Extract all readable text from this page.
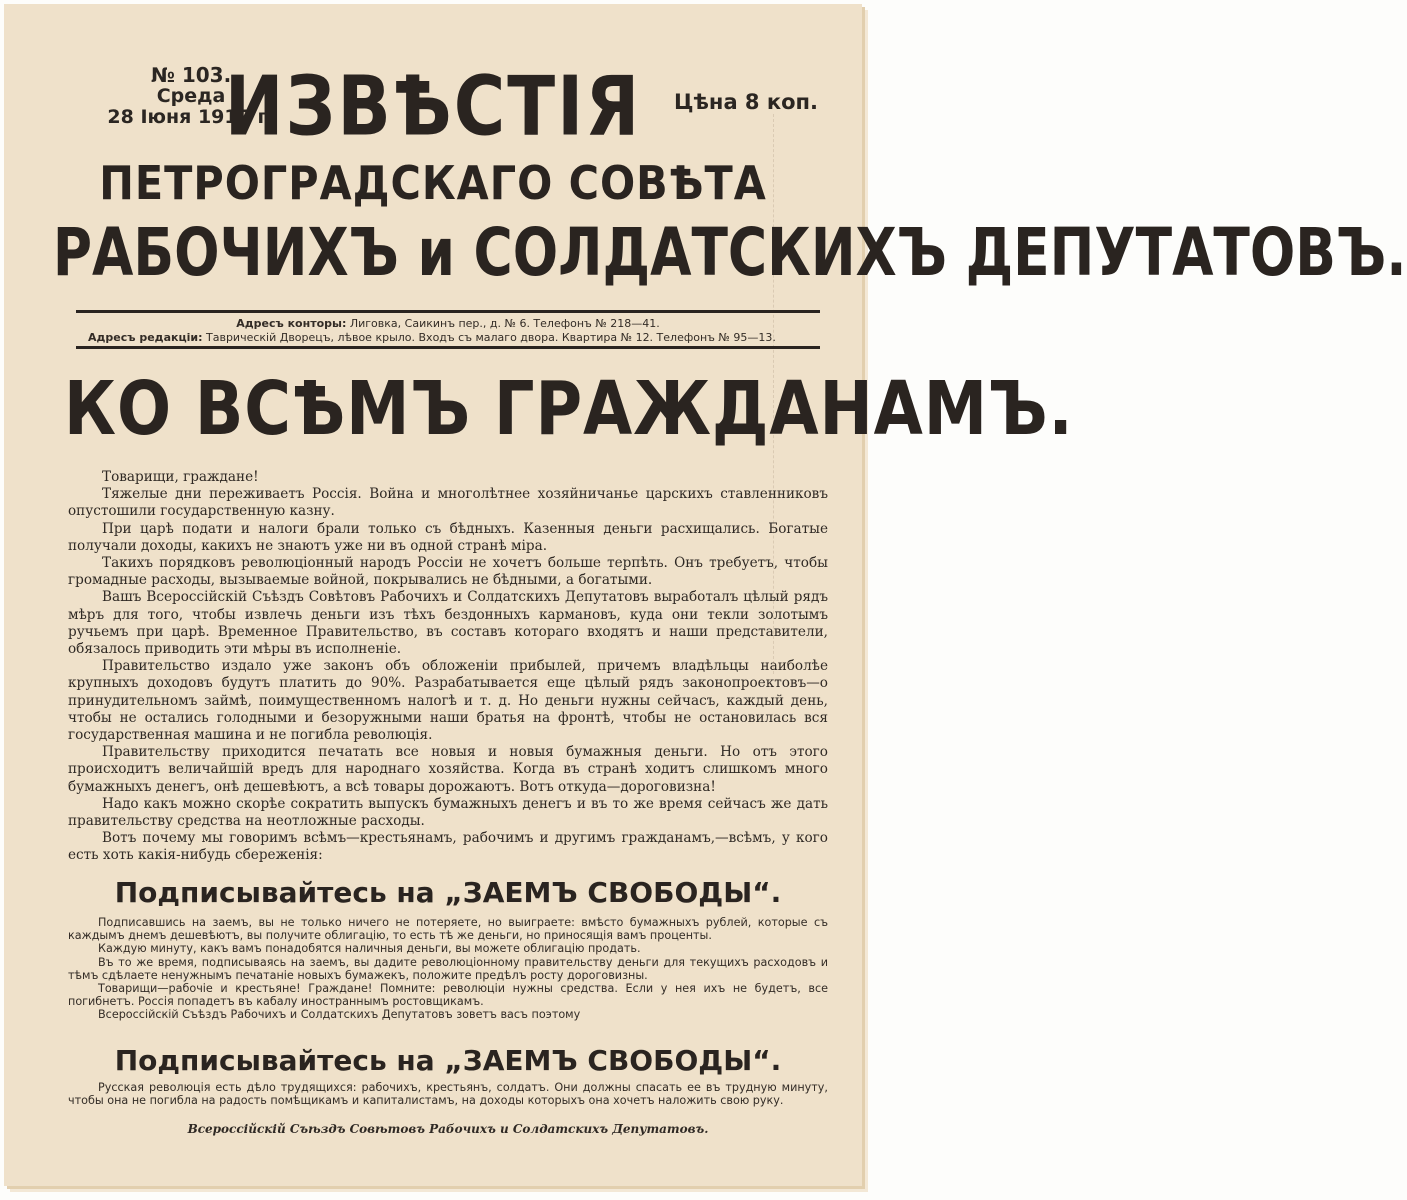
№ 103.
Среда
28 Іюня 1917 г.
Цѣна 8 коп.
ИЗВѢСТІЯ
ПЕТРОГРАДСКАГО СОВѢТА
РАБОЧИХЪ и СОЛДАТСКИХЪ ДЕПУТАТОВЪ.
Адресъ конторы: Лиговка, Саикинъ пер., д. № 6. Телефонъ № 218—41.
Адресъ редакціи: Таврическій Дворецъ, лѣвое крыло. Входъ съ малаго двора. Квартира № 12. Телефонъ № 95—13.
КО ВСѢМЪ ГРАЖДАНАМЪ.

Товарищи, граждане!

Тяжелые дни переживаетъ Россія. Война и многолѣтнее хозяйничанье царскихъ ставленниковъ опустошили государственную казну.

При царѣ подати и налоги брали только съ бѣдныхъ. Казенныя деньги расхищались. Богатые получали доходы, какихъ не знаютъ уже ни въ одной странѣ міра.

Такихъ порядковъ революціонный народъ Россіи не хочетъ больше терпѣть. Онъ требуетъ, чтобы громадные расходы, вызываемые войной, покрывались не бѣдными, а богатыми.

Вашъ Всероссійскій Съѣздъ Совѣтовъ Рабочихъ и Солдатскихъ Депутатовъ выработалъ цѣлый рядъ мѣръ для того, чтобы извлечь деньги изъ тѣхъ бездонныхъ кармановъ, куда они текли золотымъ ручьемъ при царѣ. Временное Правительство, въ составъ котораго входятъ и наши представители, обязалось приводить эти мѣры въ исполненіе.

Правительство издало уже законъ объ обложеніи прибылей, причемъ владѣльцы наиболѣе крупныхъ доходовъ будутъ платить до 90%. Разрабатывается еще цѣлый рядъ законопроектовъ—о принудительномъ займѣ, поимущественномъ налогѣ и т. д. Но деньги нужны сейчасъ, каждый день, чтобы не остались голодными и безоружными наши братья на фронтѣ, чтобы не остановилась вся государственная машина и не погибла революція.

Правительству приходится печатать все новыя и новыя бумажныя деньги. Но отъ этого происходитъ величайшій вредъ для народнаго хозяйства. Когда въ странѣ ходитъ слишкомъ много бумажныхъ денегъ, онѣ дешевѣютъ, а всѣ товары дорожаютъ. Вотъ откуда—дороговизна!

Надо какъ можно скорѣе сократить выпускъ бумажныхъ денегъ и въ то же время сейчасъ же дать правительству средства на неотложные расходы.

Вотъ почему мы говоримъ всѣмъ—крестьянамъ, рабочимъ и другимъ гражданамъ,—всѣмъ, у кого есть хоть какія-нибудь сбереженія:

Подписывайтесь на „ЗАЕМЪ СВОБОДЫ“.

Подписавшись на заемъ, вы не только ничего не потеряете, но выиграете: вмѣсто бумажныхъ рублей, которые съ каждымъ днемъ дешевѣютъ, вы получите облигацію, то есть тѣ же деньги, но приносящія вамъ проценты.

Каждую минуту, какъ вамъ понадобятся наличныя деньги, вы можете облигацію продать.

Въ то же время, подписываясь на заемъ, вы дадите революціонному правительству деньги для текущихъ расходовъ и тѣмъ сдѣлаете ненужнымъ печатаніе новыхъ бумажекъ, положите предѣлъ росту дороговизны.

Товарищи—рабочіе и крестьяне! Граждане! Помните: революціи нужны средства. Если у нея ихъ не будетъ, все погибнетъ. Россія попадетъ въ кабалу иностраннымъ ростовщикамъ.

Всероссійскій Съѣздъ Рабочихъ и Солдатскихъ Депутатовъ зоветъ васъ поэтому

Подписывайтесь на „ЗАЕМЪ СВОБОДЫ“.

Русская революція есть дѣло трудящихся: рабочихъ, крестьянъ, солдатъ. Они должны спасать ее въ трудную минуту, чтобы она не погибла на радость помѣщикамъ и капиталистамъ, на доходы которыхъ она хочетъ наложить свою руку.

Всероссійскій Съѣздъ Совѣтовъ Рабочихъ и Солдатскихъ Депутатовъ.
